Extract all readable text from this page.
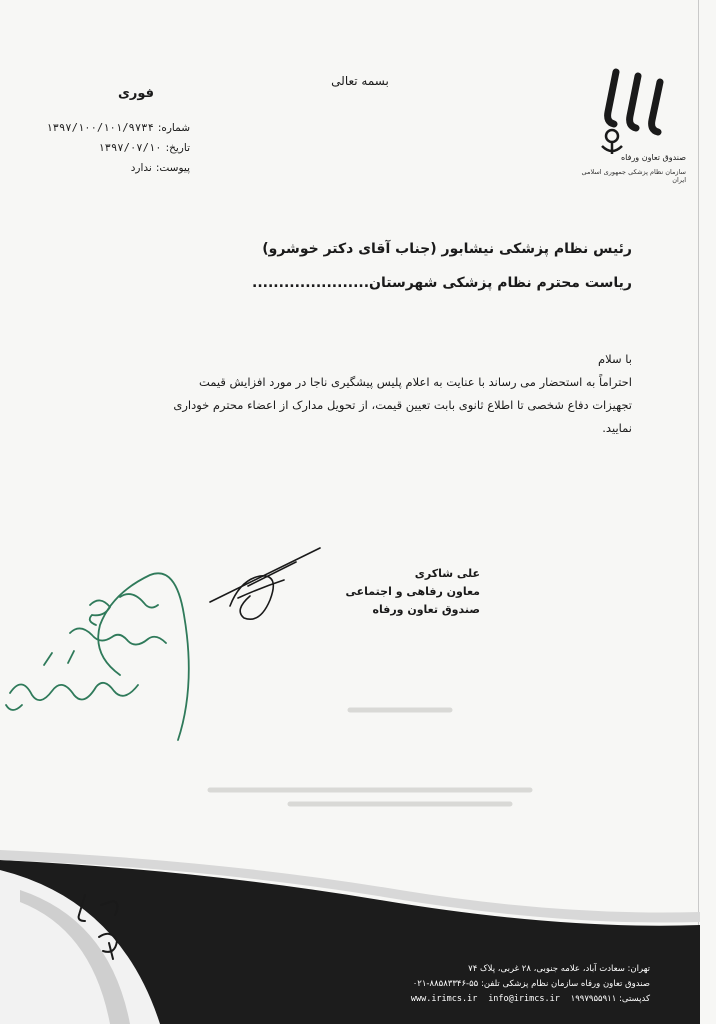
صندوق تعاون ورفاه
سازمان نظام پزشکی جمهوری اسلامی ایران
بسمه تعالی
فوری
شماره:
۱۳۹۷/۱۰۰/۱۰۱/۹۷۳۴
تاریخ:
۱۳۹۷/۰۷/۱۰
پیوست:
ندارد
رئیس نظام پزشکی نیشابور (جناب آقای دکتر خوشرو)
ریاست محترم نظام پزشکی شهرستان......................
با سلام
احتراماً به استحضار می رساند با عنایت به اعلام پلیس پیشگیری ناجا در مورد افزایش قیمت تجهیزات دفاع شخصی تا اطلاع ثانوی بابت تعیین قیمت، از تحویل مدارک از اعضاء محترم خوداری نمایید.
علی شاکری
معاون رفاهی و اجتماعی
صندوق تعاون ورفاه
تهران: سعادت آباد، علامه جنوبی، ۲۸ غربی، پلاک ۷۴
صندوق تعاون ورفاه سازمان نظام پزشکی تلفن: ۵۵-۸۸۵۸۳۳۴۶-۰۲۱
کدپستی: ۱۹۹۷۹۵۵۹۱۱    www.irimcs.ir info@irimcs.ir
